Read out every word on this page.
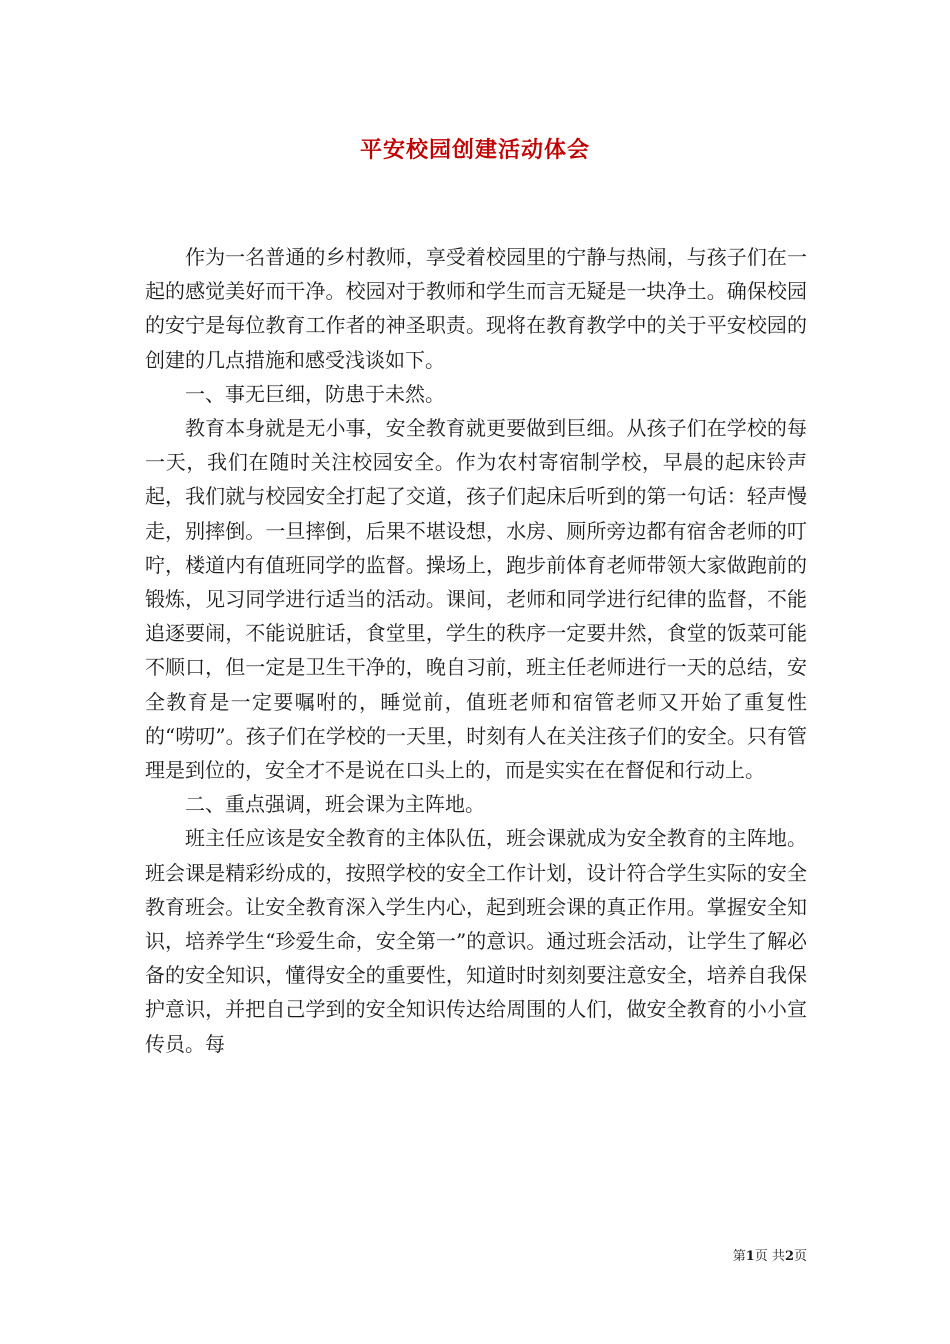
平安校园创建活动体会

作为一名普通的乡村教师，享受着校园里的宁静与热闹，与孩子们在一起的感觉美好而干净。校园对于教师和学生而言无疑是一块净土。确保校园的安宁是每位教育工作者的神圣职责。现将在教育教学中的关于平安校园的创建的几点措施和感受浅谈如下。

一、事无巨细，防患于未然。

教育本身就是无小事，安全教育就更要做到巨细。从孩子们在学校的每一天，我们在随时关注校园安全。作为农村寄宿制学校，早晨的起床铃声起，我们就与校园安全打起了交道，孩子们起床后听到的第一句话：轻声慢走，别摔倒。一旦摔倒，后果不堪设想，水房、厕所旁边都有宿舍老师的叮咛，楼道内有值班同学的监督。操场上，跑步前体育老师带领大家做跑前的锻炼，见习同学进行适当的活动。课间，老师和同学进行纪律的监督，不能追逐要闹，不能说脏话，食堂里，学生的秩序一定要井然，食堂的饭菜可能不顺口，但一定是卫生干净的，晚自习前，班主任老师进行一天的总结，安全教育是一定要嘱咐的，睡觉前，值班老师和宿管老师又开始了重复性的“唠叨”。孩子们在学校的一天里，时刻有人在关注孩子们的安全。只有管理是到位的，安全才不是说在口头上的，而是实实在在督促和行动上。

二、重点强调，班会课为主阵地。

班主任应该是安全教育的主体队伍，班会课就成为安全教育的主阵地。班会课是精彩纷成的，按照学校的安全工作计划，设计符合学生实际的安全教育班会。让安全教育深入学生内心，起到班会课的真正作用。掌握安全知识，培养学生“珍爱生命，安全第一”的意识。通过班会活动，让学生了解必备的安全知识，懂得安全的重要性，知道时时刻刻要注意安全，培养自我保护意识，并把自己学到的安全知识传达给周围的人们，做安全教育的小小宣传员。每

第1页 共2页
